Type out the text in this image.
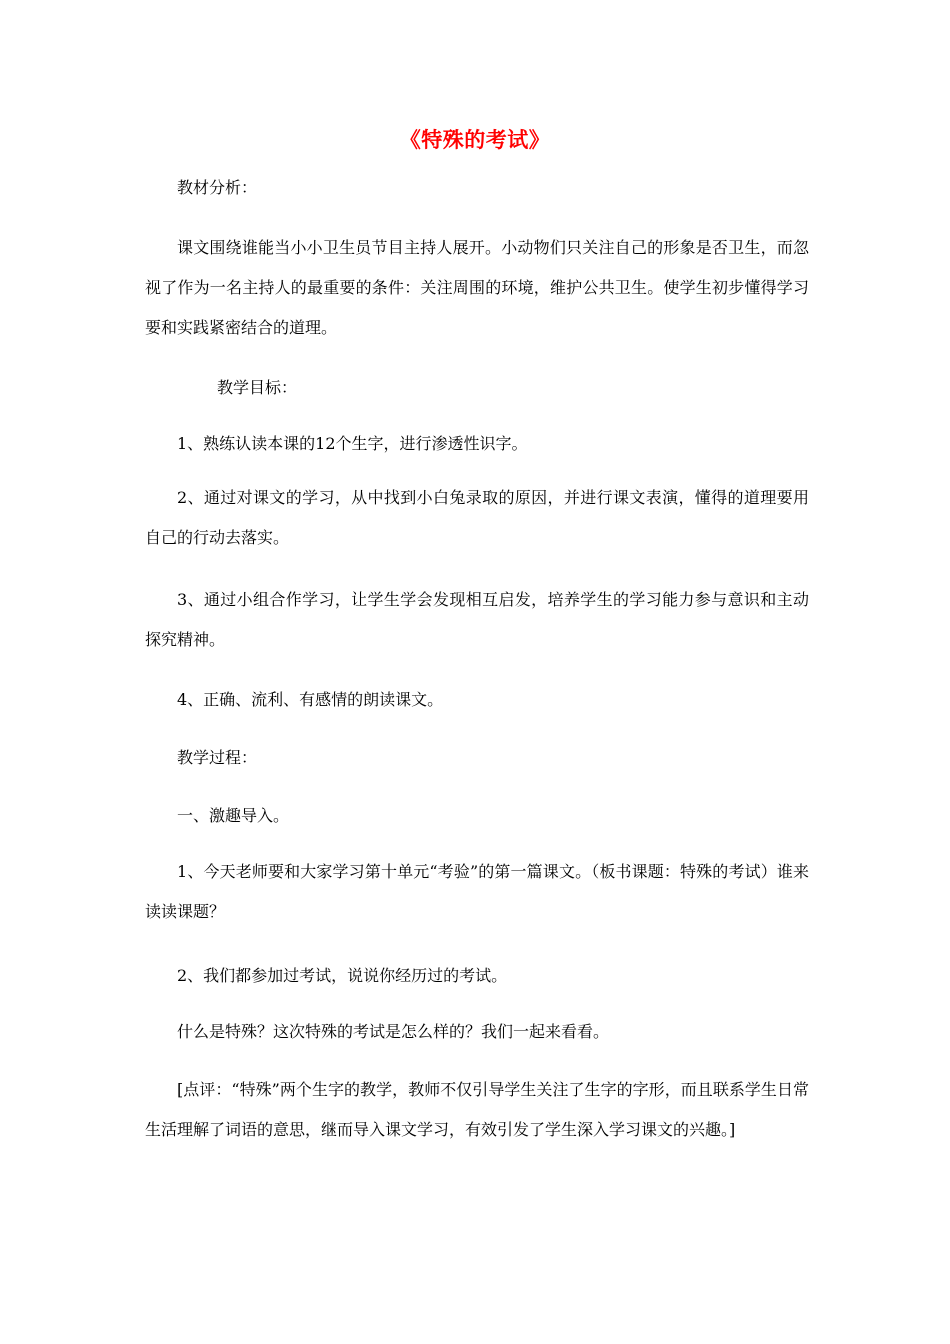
《特殊的考试》

教材分析：

课文围绕谁能当小小卫生员节目主持人展开。小动物们只关注自己的形象是否卫生，而忽视了作为一名主持人的最重要的条件：关注周围的环境，维护公共卫生。使学生初步懂得学习要和实践紧密结合的道理。

教学目标：

1、熟练认读本课的12个生字，进行渗透性识字。

2、通过对课文的学习，从中找到小白兔录取的原因，并进行课文表演，懂得的道理要用自己的行动去落实。

3、通过小组合作学习，让学生学会发现相互启发，培养学生的学习能力参与意识和主动探究精神。

4、正确、流利、有感情的朗读课文。

教学过程：

一、激趣导入。

1、今天老师要和大家学习第十单元“考验”的第一篇课文。（板书课题：特殊的考试）谁来读读课题？

2、我们都参加过考试，说说你经历过的考试。

什么是特殊？这次特殊的考试是怎么样的？我们一起来看看。

[点评：“特殊”两个生字的教学，教师不仅引导学生关注了生字的字形，而且联系学生日常生活理解了词语的意思，继而导入课文学习，有效引发了学生深入学习课文的兴趣。]
